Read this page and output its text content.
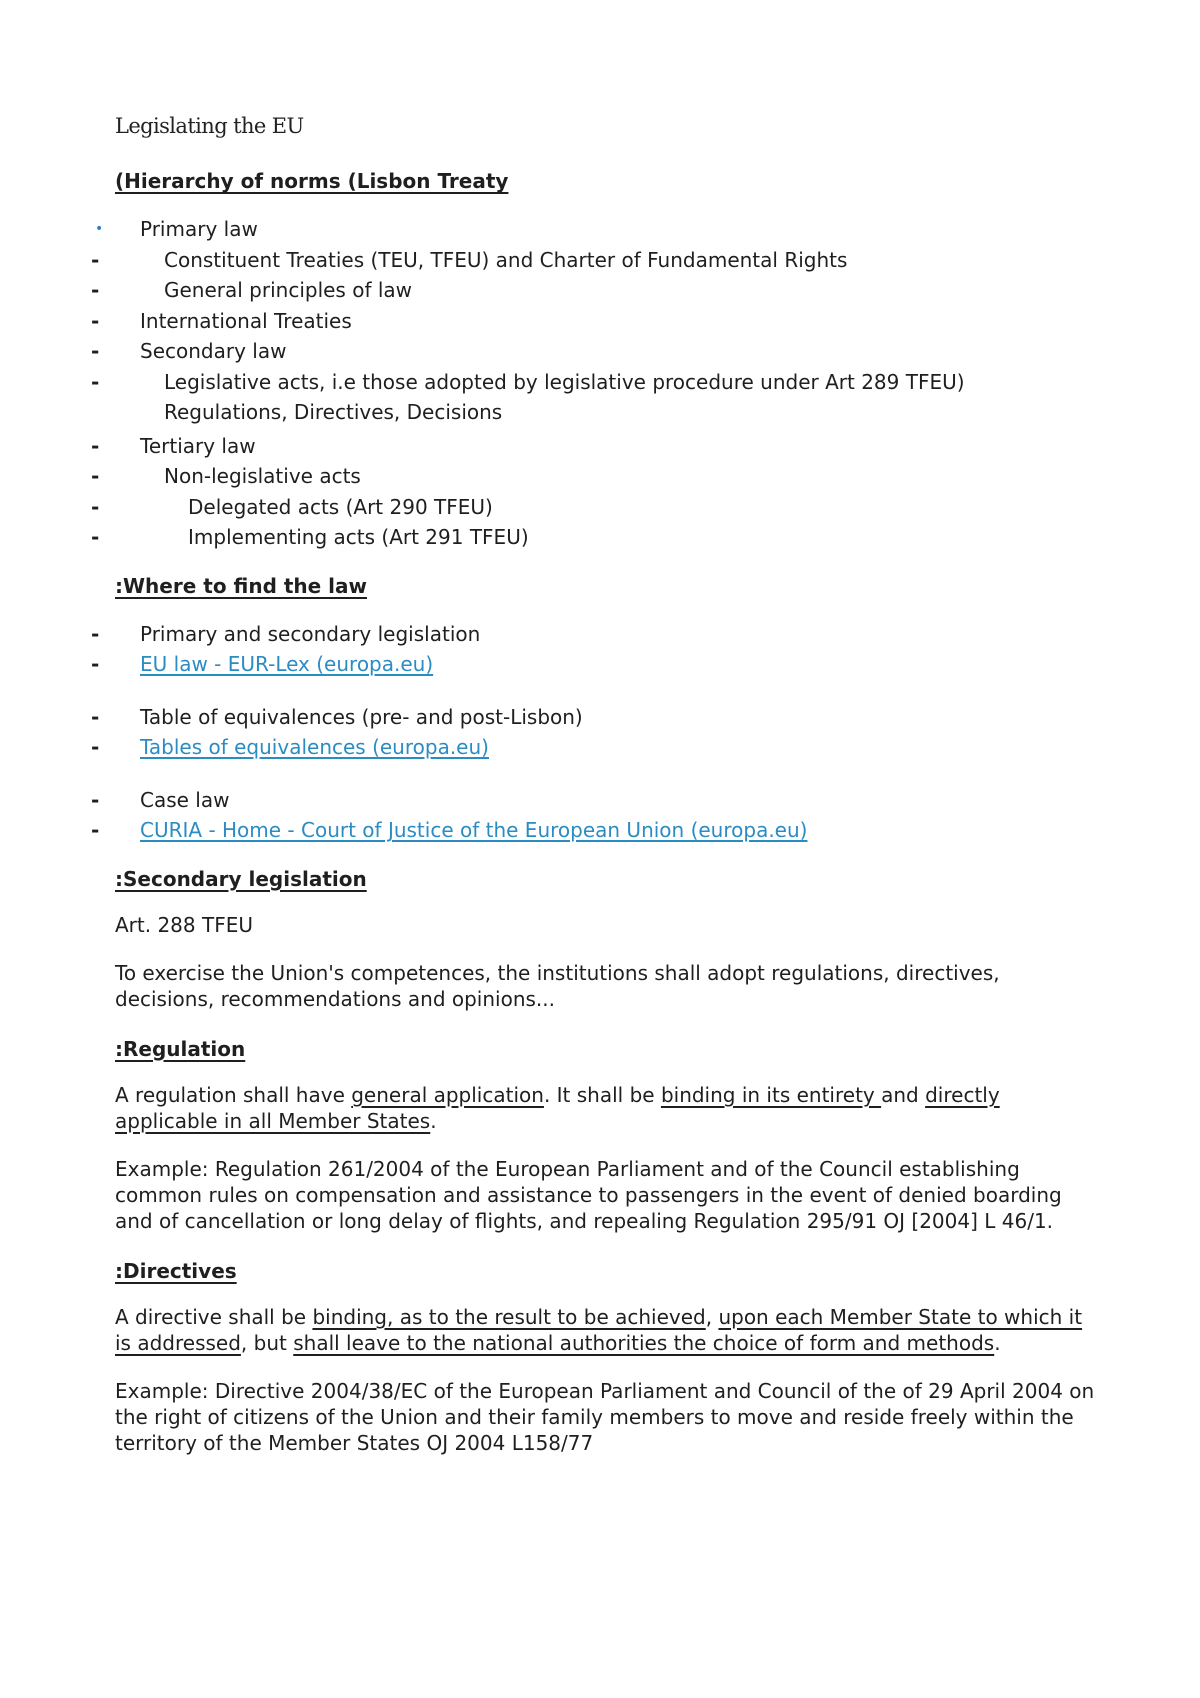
Legislating the EU
(Hierarchy of norms (Lisbon Treaty
•	Primary law
-	Constituent Treaties (TEU, TFEU) and Charter of Fundamental Rights
-	General principles of law
-	International Treaties
-	Secondary law
-	Legislative acts, i.e those adopted by legislative procedure under Art 289 TFEU)
Regulations, Directives, Decisions
-	Tertiary law
-	Non-legislative acts
-	Delegated acts (Art 290 TFEU)
-	Implementing acts (Art 291 TFEU)
:Where to find the law
-	Primary and secondary legislation
-	EU law - EUR-Lex (europa.eu)
-	Table of equivalences (pre- and post-Lisbon)
-	Tables of equivalences (europa.eu)
-	Case law
-	CURIA - Home - Court of Justice of the European Union (europa.eu)
:Secondary legislation

Art. 288 TFEU

To exercise the Union's competences, the institutions shall adopt regulations, directives, decisions, recommendations and opinions...

:Regulation

A regulation shall have general application. It shall be binding in its entirety and directly applicable in all Member States.

Example: Regulation 261/2004 of the European Parliament and of the Council establishing common rules on compensation and assistance to passengers in the event of denied boarding and of cancellation or long delay of flights, and repealing Regulation 295/91 OJ [2004] L 46/1.

:Directives

A directive shall be binding, as to the result to be achieved, upon each Member State to which it is addressed, but shall leave to the national authorities the choice of form and methods.

Example: Directive 2004/38/EC of the European Parliament and Council of the of 29 April 2004 on the right of citizens of the Union and their family members to move and reside freely within the territory of the Member States OJ 2004 L158/77
